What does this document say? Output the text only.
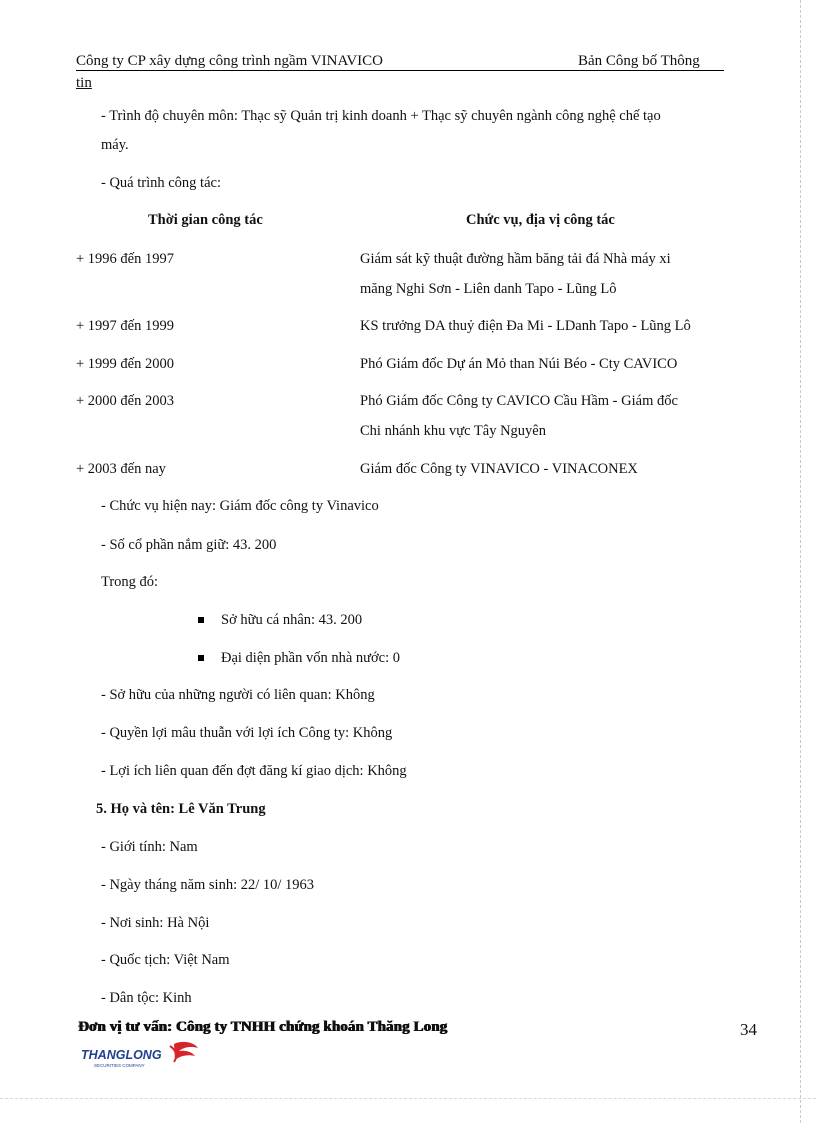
Công ty CP xây dựng công trình ngầm VINAVICO	Bản Công bố Thông
tin
- Trình độ chuyên môn: Thạc sỹ Quản trị kinh doanh + Thạc sỹ chuyên ngành công nghệ chế tạo
máy.
- Quá trình công tác:
Thời gian công tác	Chức vụ, địa vị công tác
+ 1996 đến 1997	Giám sát kỹ thuật đường hầm băng tải đá Nhà máy xi
măng Nghi Sơn - Liên danh Tapo - Lũng Lô
+ 1997 đến 1999	KS trưởng DA thuỷ điện Đa Mi - LDanh Tapo - Lũng Lô
+ 1999 đến 2000	Phó Giám đốc Dự án Mỏ than Núi Béo - Cty CAVICO
+ 2000 đến 2003	Phó Giám đốc Công ty CAVICO Cầu Hầm - Giám đốc
Chi nhánh khu vực Tây Nguyên
+ 2003 đến nay	Giám đốc Công ty VINAVICO - VINACONEX
- Chức vụ hiện nay: Giám đốc công ty Vinavico
- Số cổ phần nắm giữ: 43. 200
Trong đó:
Sở hữu cá nhân: 43. 200
Đại diện phần vốn nhà nước: 0
- Sở hữu của những người có liên quan: Không
- Quyền lợi mâu thuẫn với lợi ích Công ty: Không
- Lợi ích liên quan đến đợt đăng kí giao dịch: Không
5. Họ và tên: Lê Văn Trung
- Giới tính: Nam
- Ngày tháng năm sinh: 22/ 10/ 1963
- Nơi sinh: Hà Nội
- Quốc tịch: Việt Nam
- Dân tộc: Kinh
Đơn vị tư vấn: Công ty TNHH chứng khoán Thăng Long	34
THANGLONG
SECURITIES COMPANY
